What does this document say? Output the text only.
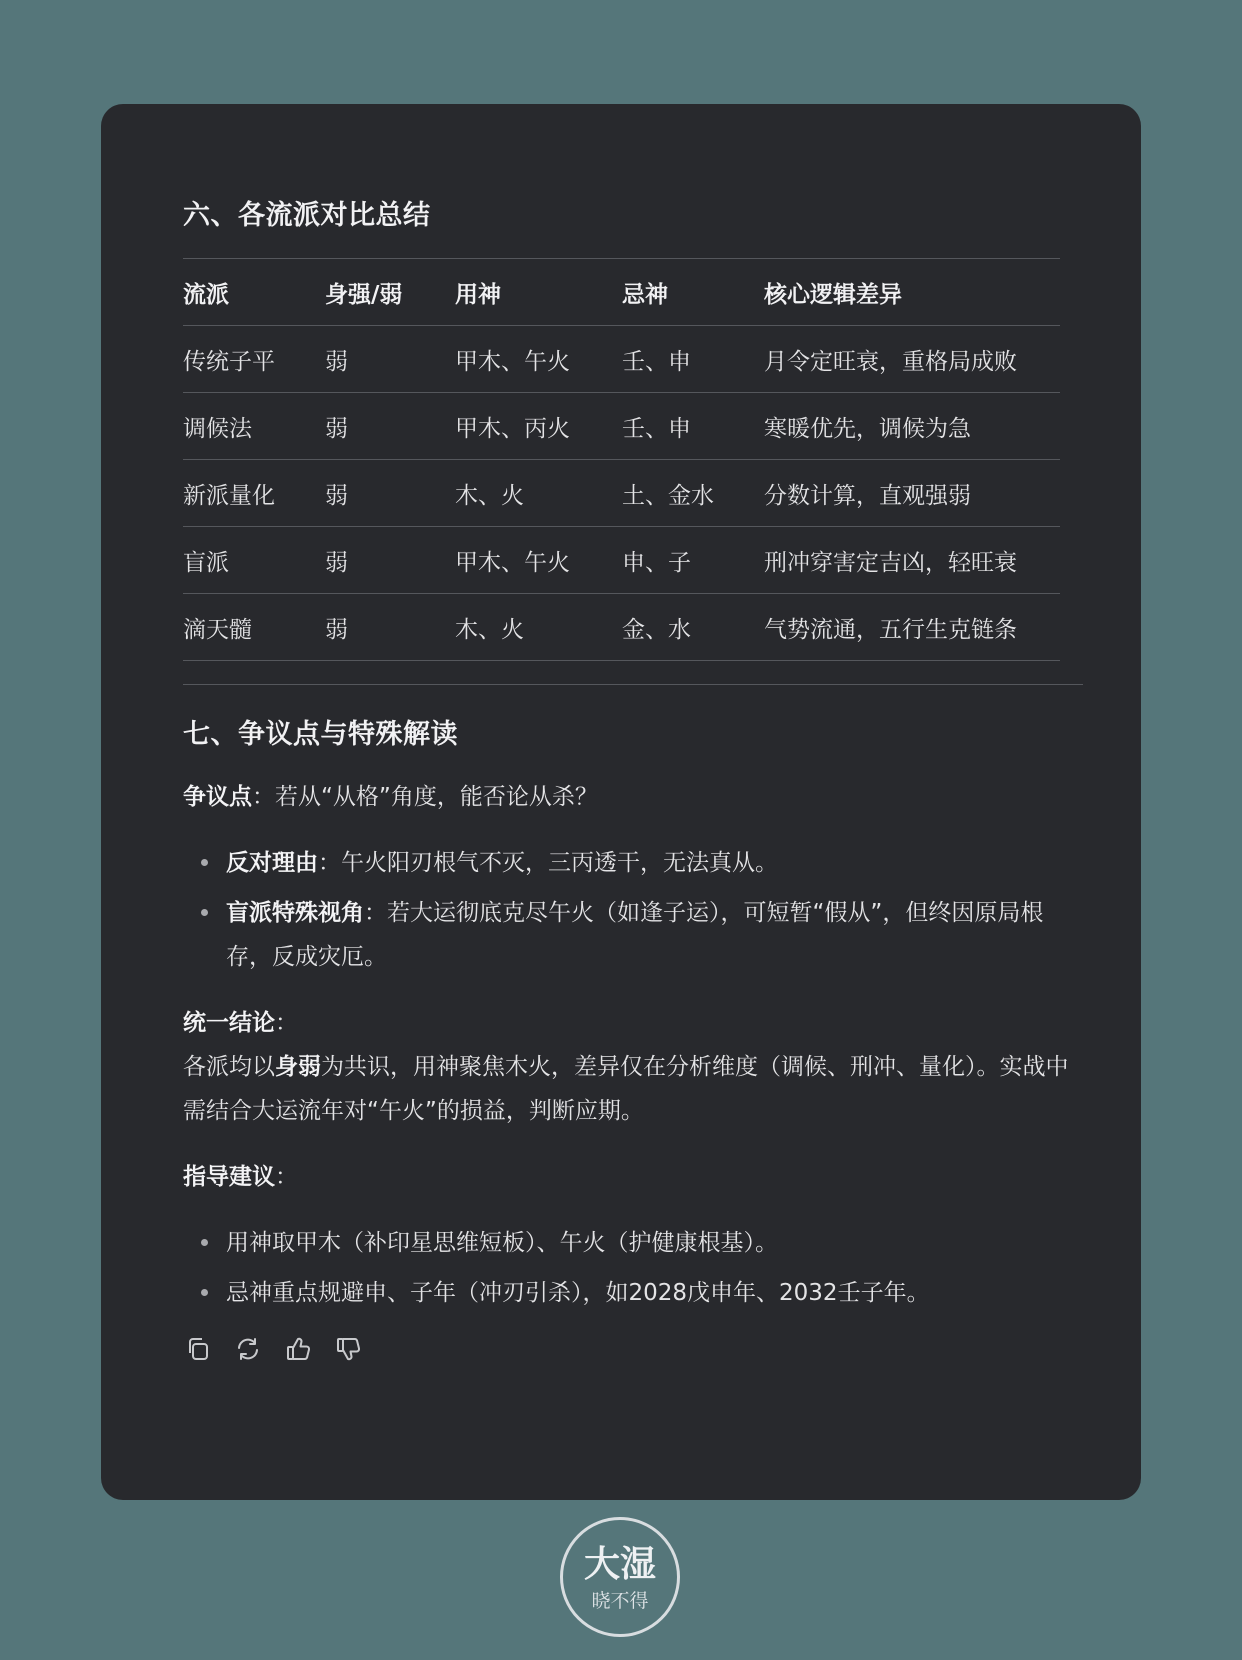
六、各流派对比总结
流派	身强/弱	用神	忌神	核心逻辑差异
传统子平	弱	甲木、午火	壬、申	月令定旺衰，重格局成败
调候法	弱	甲木、丙火	壬、申	寒暖优先，调候为急
新派量化	弱	木、火	土、金水	分数计算，直观强弱
盲派	弱	甲木、午火	申、子	刑冲穿害定吉凶，轻旺衰
滴天髓	弱	木、火	金、水	气势流通，五行生克链条
七、争议点与特殊解读

争议点：若从“从格”角度，能否论从杀？

反对理由：午火阳刃根气不灭，三丙透干，无法真从。
盲派特殊视角：若大运彻底克尽午火（如逢子运），可短暂“假从”，但终因原局根存，反成灾厄。

统一结论：

各派均以身弱为共识，用神聚焦木火，差异仅在分析维度（调候、刑冲、量化）。实战中需结合大运流年对“午火”的损益，判断应期。

指导建议：

用神取甲木（补印星思维短板）、午火（护健康根基）。
忌神重点规避申、子年（冲刃引杀），如2028戊申年、2032壬子年。
大湿
晓不得
